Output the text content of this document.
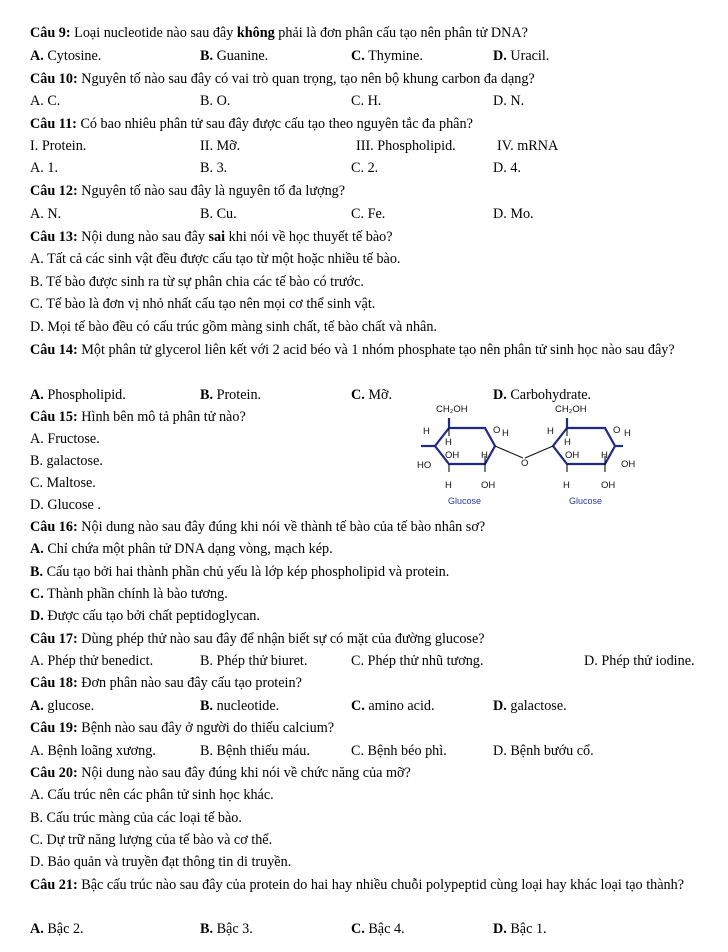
Câu 9: Loại nucleotide nào sau đây không phải là đơn phân cấu tạo nên phân tử DNA?
A. Cytosine.	B. Guanine.	C. Thymine.	D. Uracil.
Câu 10: Nguyên tố nào sau đây có vai trò quan trọng, tạo nên bộ khung carbon đa dạng?
A. C.	B. O.	C. H.	D. N.
Câu 11: Có bao nhiêu phân tử sau đây được cấu tạo theo nguyên tắc đa phân?
I. Protein.	II. Mỡ.	III. Phospholipid.	IV. mRNA
A. 1.	B. 3.	C. 2.	D. 4.
Câu 12: Nguyên tố nào sau đây là nguyên tố đa lượng?
A. N.	B. Cu.	C. Fe.	D. Mo.
Câu 13: Nội dung nào sau đây sai khi nói về học thuyết tế bào?
A. Tất cả các sinh vật đều được cấu tạo từ một hoặc nhiều tế bào.
B. Tế bào được sinh ra từ sự phân chia các tế bào có trước.
C. Tế bào là đơn vị nhỏ nhất cấu tạo nên mọi cơ thể sinh vật.
D. Mọi tế bào đều có cấu trúc gồm màng sinh chất, tế bào chất và nhân.
Câu 14: Một phân tử glycerol liên kết với 2 acid béo và 1 nhóm phosphate tạo nên phân tử sinh học nào sau đây?
A. Phospholipid.	B. Protein.	C. Mỡ.	D. Carbohydrate.
Câu 15: Hình bên mô tả phân tử nào?
A. Fructose.
B. galactose.
C. Maltose.
D. Glucose .
CH₂OH	CH₂OH
H
H
O H
OH H
HO
H	OH
O
H
H
O H
OH H
OH
H	OH
Glucose	Glucose
Câu 16: Nội dung nào sau đây đúng khi nói về thành tế bào của tế bào nhân sơ?
A. Chỉ chứa một phân tử DNA dạng vòng, mạch kép.
B. Cấu tạo bởi hai thành phần chủ yếu là lớp kép phospholipid và protein.
C. Thành phần chính là bào tương.
D. Được cấu tạo bởi chất peptidoglycan.
Câu 17: Dùng phép thử nào sau đây để nhận biết sự có mặt của đường glucose?
A. Phép thử benedict.	B. Phép thử biuret.	C. Phép thử nhũ tương.	D. Phép thử iodine.
Câu 18: Đơn phân nào sau đây cấu tạo protein?
A. glucose.	B. nucleotide.	C. amino acid.	D. galactose.
Câu 19: Bệnh nào sau đây ở người do thiếu calcium?
A. Bệnh loãng xương.	B. Bệnh thiếu máu.	C. Bệnh béo phì.	D. Bệnh bướu cổ.
Câu 20: Nội dung nào sau đây đúng khi nói về chức năng của mỡ?
A. Cấu trúc nên các phân tử sinh học khác.
B. Cấu trúc màng của các loại tế bào.
C. Dự trữ năng lượng của tế bào và cơ thể.
D. Bảo quản và truyền đạt thông tin di truyền.
Câu 21: Bậc cấu trúc nào sau đây của protein do hai hay nhiều chuỗi polypeptid cùng loại hay khác loại tạo thành?
A. Bậc 2.	B. Bậc 3.	C. Bậc 4.	D. Bậc 1.
